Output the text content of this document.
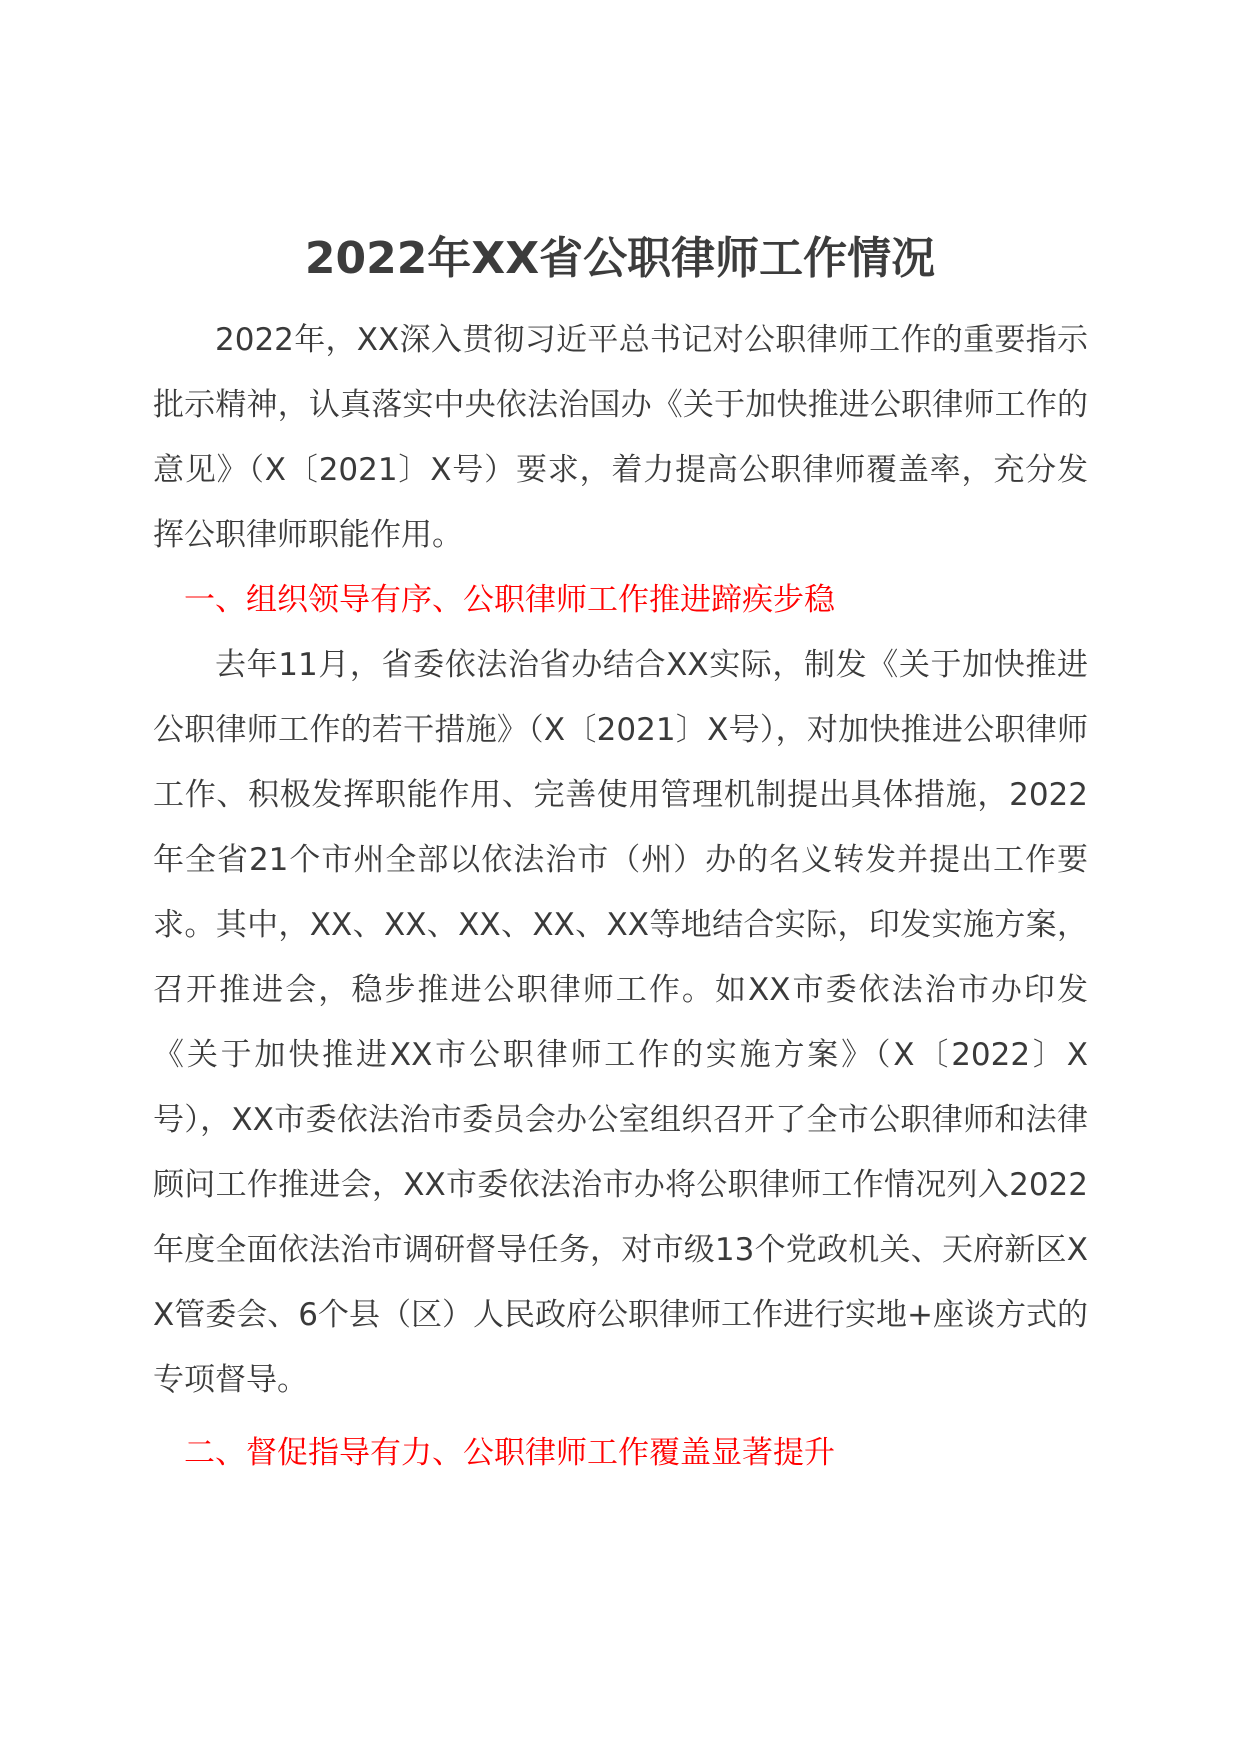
2022年XX省公职律师工作情况

2022年，XX深入贯彻习近平总书记对公职律师工作的重要指示批示精神，认真落实中央依法治国办《关于加快推进公职律师工作的意见》（X〔2021〕X号）要求，着力提高公职律师覆盖率，充分发挥公职律师职能作用。

一、组织领导有序、公职律师工作推进蹄疾步稳

去年11月，省委依法治省办结合XX实际，制发《关于加快推进公职律师工作的若干措施》（X〔2021〕X号），对加快推进公职律师工作、积极发挥职能作用、完善使用管理机制提出具体措施，2022年全省21个市州全部以依法治市（州）办的名义转发并提出工作要求。其中，XX、XX、XX、XX、XX等地结合实际，印发实施方案，召开推进会，稳步推进公职律师工作。如XX市委依法治市办印发《关于加快推进XX市公职律师工作的实施方案》（X〔2022〕X号），XX市委依法治市委员会办公室组织召开了全市公职律师和法律顾问工作推进会，XX市委依法治市办将公职律师工作情况列入2022年度全面依法治市调研督导任务，对市级13个党政机关、天府新区XX管委会、6个县（区）人民政府公职律师工作进行实地+座谈方式的专项督导。

二、督促指导有力、公职律师工作覆盖显著提升
